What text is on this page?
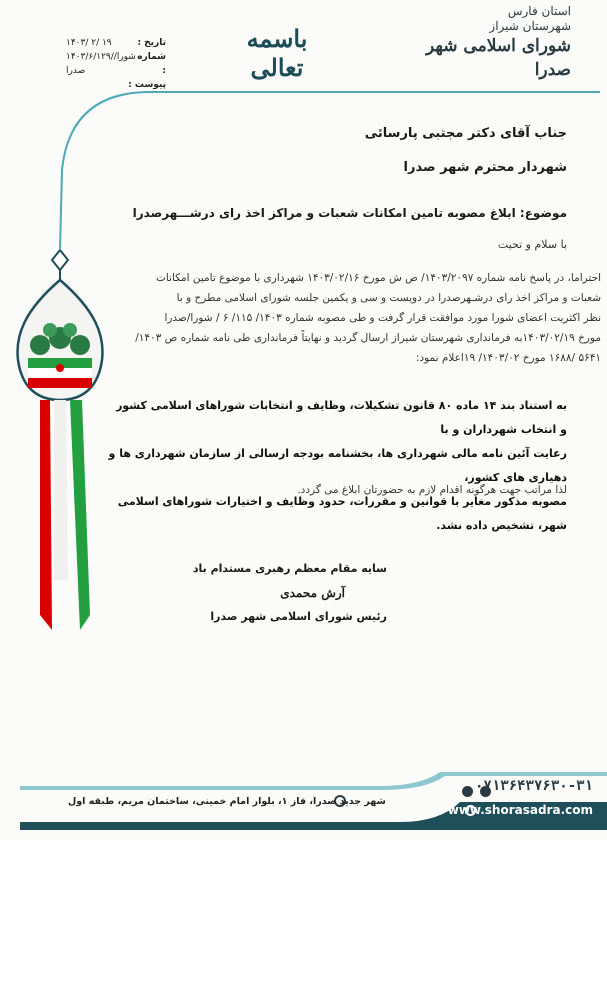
استان فارس
شهرستان شیراز
شورای اسلامی شهر صدرا
باسمه تعالی
۱۴۰۳/ ۲/ ۱۹	تاریخ :
۱۴۰۳/۶/۱۲۹/شورا/صدرا
شماره :
پیوست :
جناب آقای دکتر مجتبی پارسائی
شهردار محترم شهر صدرا
موضوع: ابلاغ مصوبه تامین امکانات شعبات و مراکز اخذ رای درشـــهرصدرا
با سلام و تحیت
احتراما، در پاسخ نامه شماره ۱۴۰۳/۲۰۹۷/ ص ش مورخ ۱۴۰۳/۰۲/۱۶ شهرداری با موضوع تامین امکانات
شعبات و مراکز اخذ رای درشـهرصدرا در دویست و سی و یکمین جلسه شورای اسلامی مطرح و با
نظر اکثریت اعضای شورا مورد موافقت قرار گرفت و طی مصوبه شماره ۱۴۰۳/ ۱۱۵/ ۶ / شورا/صدرا
مورخ ۱۴۰۳/۰۲/۱۹به فرمانداری شهرستان شیراز ارسال گردید و نهایتاً فرمانداری طی نامه شماره ص ۱۴۰۳/
۵۶۴۱ /۱۶۸۸ مورخ ۱۴۰۳/۰۲/ ۱۹اعلام نمود:
به استناد بند ۱۴ ماده ۸۰ قانون تشکیلات، وظایف و انتخابات شوراهای اسلامی کشور و انتخاب شهرداران و با
رعایت آئین نامه مالی شهرداری ها، بخشنامه بودجه ارسالی از سازمان شهرداری ها و دهیاری های کشور،
مصوبه مذکور مغایر با قوانین و مقررات، حدود وظایف و اختیارات شوراهای اسلامی شهر، تشخیص داده نشد.
لذا مراتب جهت هرگونه اقدام لازم به حضورتان ابلاغ می گردد.
سایه مقام معظم رهبری مستدام باد
آرش محمدی
رئیس شورای اسلامی شهر صدرا

۰۷۱۳۶۴۳۷۶۳۰-۳۱
www.shorasadra.com
شهر جدید صدرا، فاز ۱، بلوار امام خمینی، ساختمان مریم، طبقه اول
